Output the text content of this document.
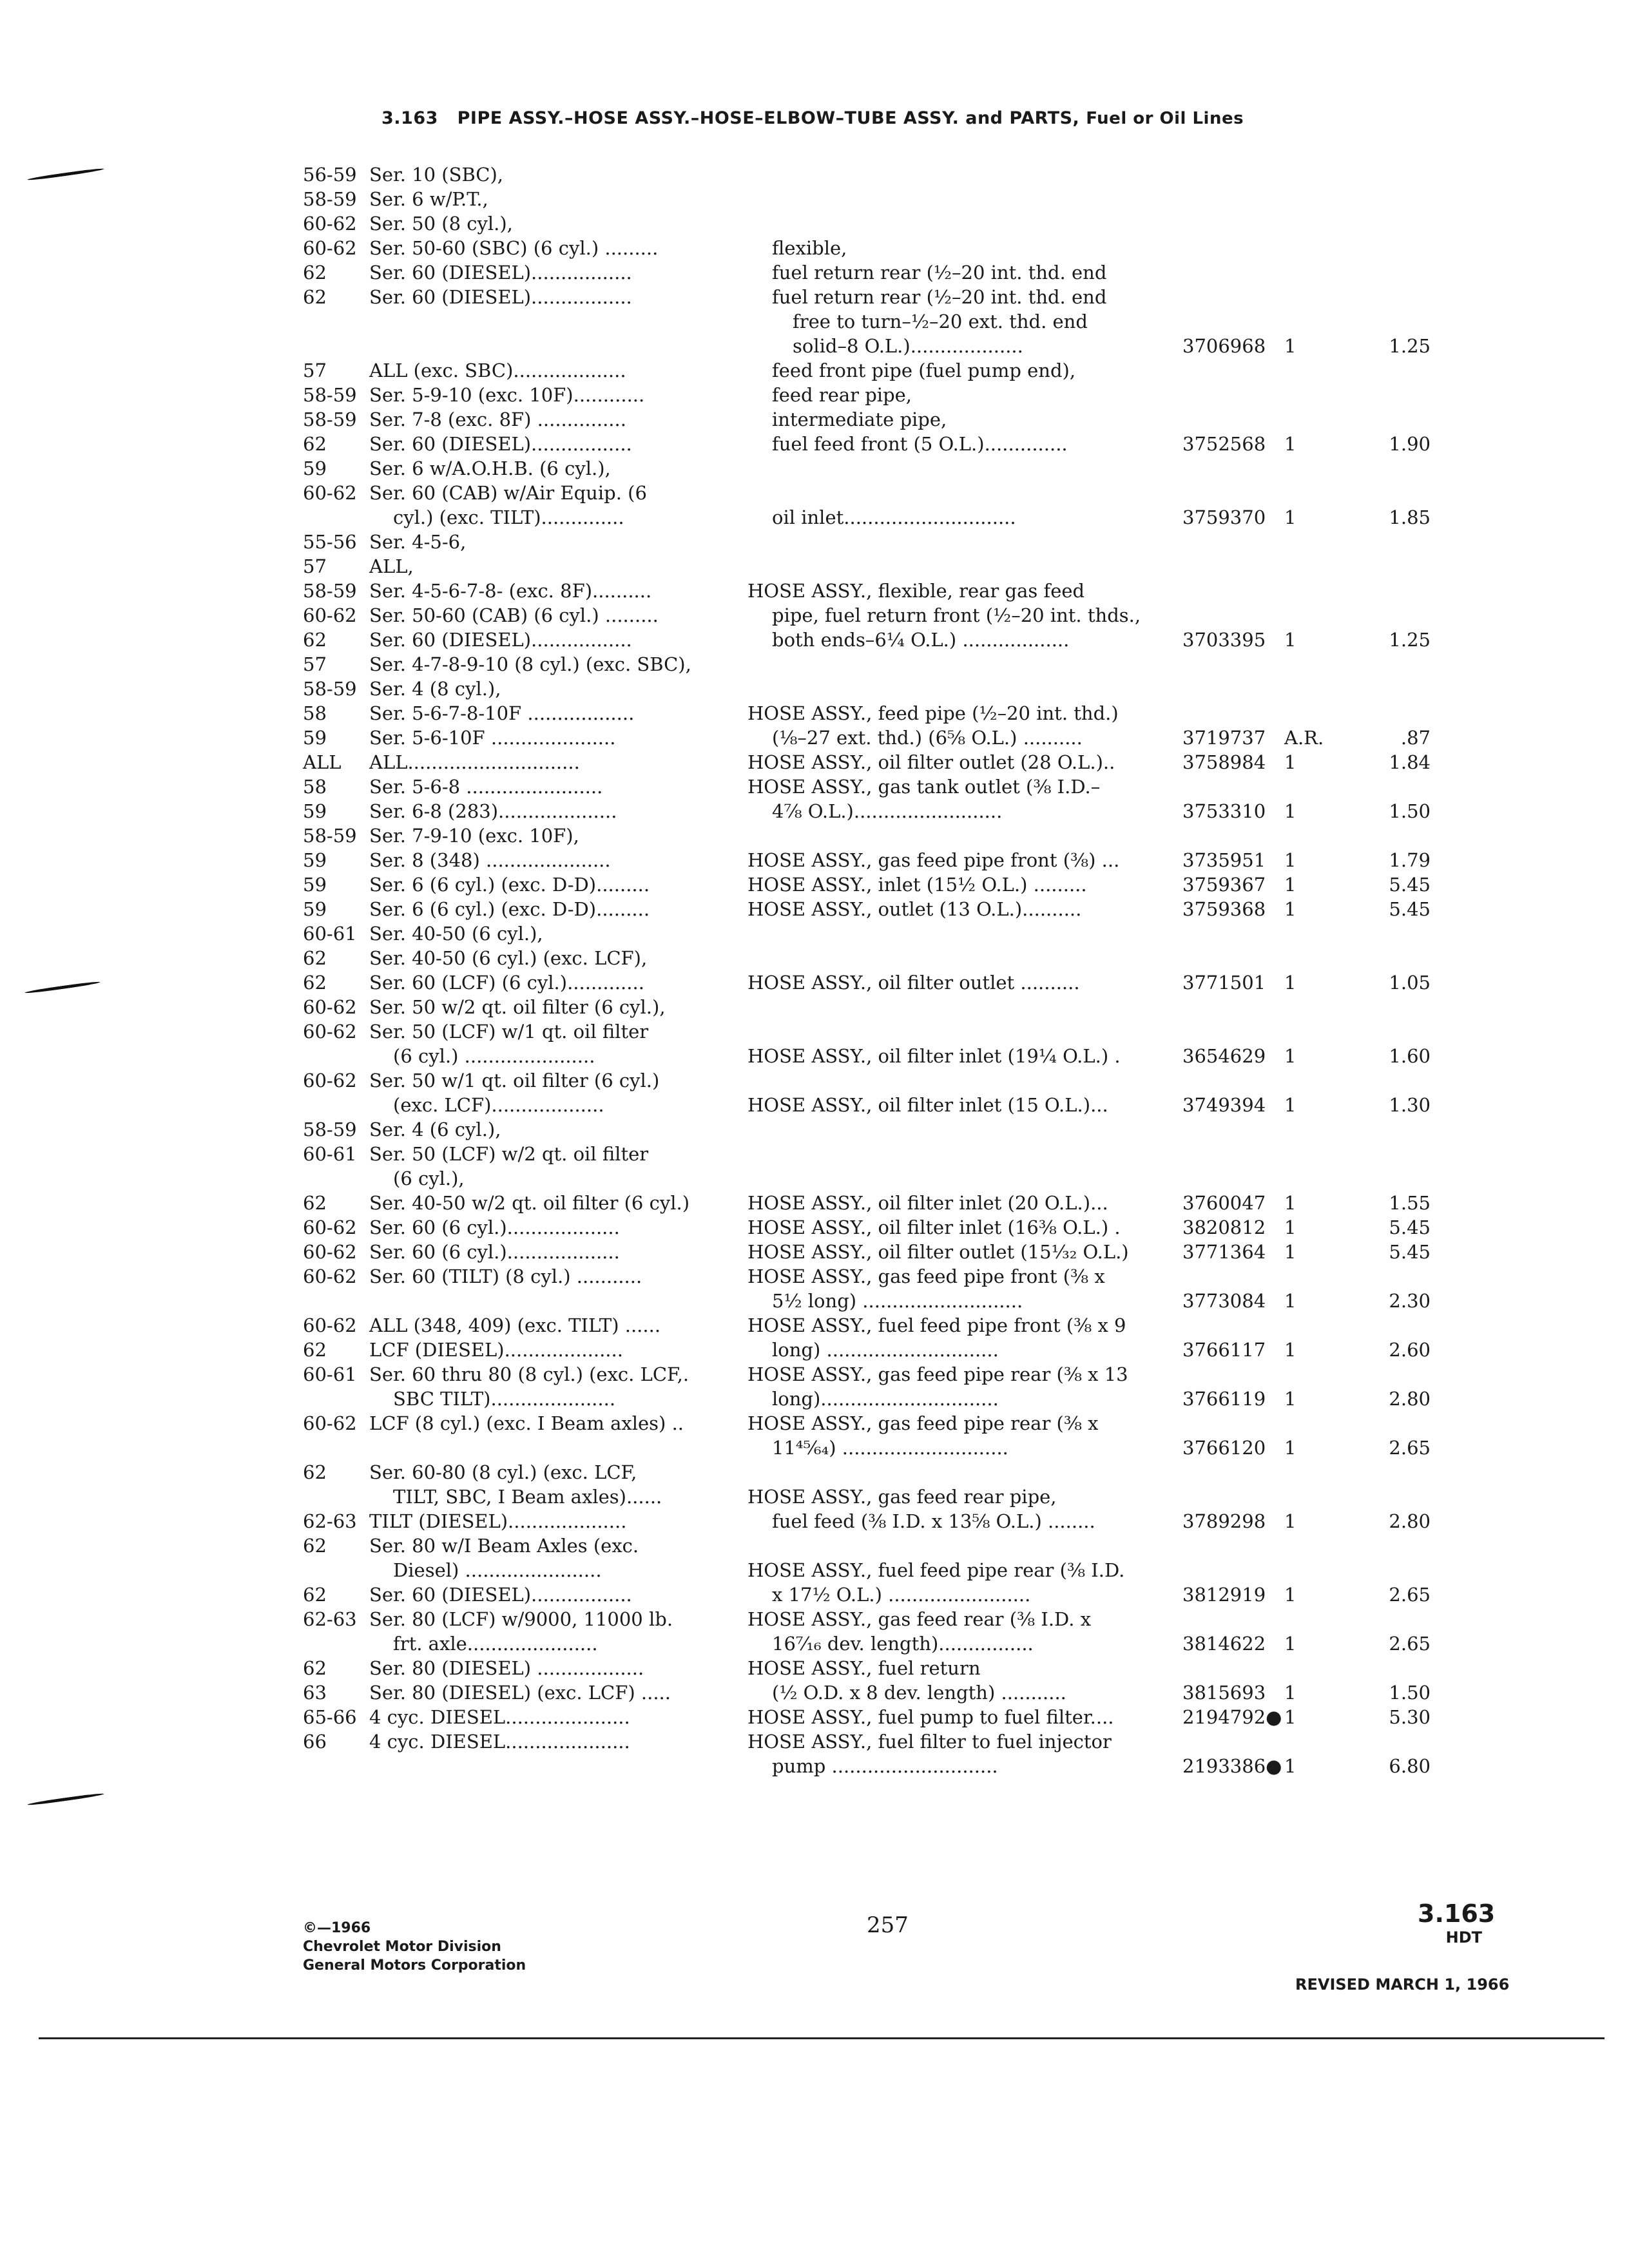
3.163 PIPE ASSY.–HOSE ASSY.–HOSE–ELBOW–TUBE ASSY. and PARTS, Fuel or Oil Lines
56-59 Ser. 10 (SBC),
58-59 Ser. 6 w/P.T.,
60-62 Ser. 50 (8 cyl.),
60-62 Ser. 50-60 (SBC) (6 cyl.) .........	flexible,
62 Ser. 60 (DIESEL).................	fuel return rear (½–20 int. thd. end
62 Ser. 60 (DIESEL).................	fuel return rear (½–20 int. thd. end
free to turn–½–20 ext. thd. end
solid–8 O.L.)...................	3706968 1	1.25
57 ALL (exc. SBC)...................	feed front pipe (fuel pump end),
58-59 Ser. 5-9-10 (exc. 10F)............	feed rear pipe,
58-59 Ser. 7-8 (exc. 8F) ...............	intermediate pipe,
62 Ser. 60 (DIESEL).................	fuel feed front (5 O.L.)..............	3752568 1	1.90
59 Ser. 6 w/A.O.H.B. (6 cyl.),
60-62 Ser. 60 (CAB) w/Air Equip. (6
cyl.) (exc. TILT)..............	oil inlet.............................	3759370 1	1.85
55-56 Ser. 4-5-6,
57 ALL,
58-59 Ser. 4-5-6-7-8- (exc. 8F)..........	HOSE ASSY., flexible, rear gas feed
60-62 Ser. 50-60 (CAB) (6 cyl.) .........	pipe, fuel return front (½–20 int. thds.,
62 Ser. 60 (DIESEL).................	both ends–6¼ O.L.) ..................	3703395 1	1.25
57 Ser. 4-7-8-9-10 (8 cyl.) (exc. SBC),
58-59 Ser. 4 (8 cyl.),
58 Ser. 5-6-7-8-10F ..................	HOSE ASSY., feed pipe (½–20 int. thd.)
59 Ser. 5-6-10F .....................	(⅛–27 ext. thd.) (6⅝ O.L.) ..........	3719737 A.R.	.87
ALL ALL.............................	HOSE ASSY., oil filter outlet (28 O.L.)..	3758984 1	1.84
58 Ser. 5-6-8 .......................	HOSE ASSY., gas tank outlet (⅜ I.D.–
59 Ser. 6-8 (283)....................	4⅞ O.L.).........................	3753310 1	1.50
58-59 Ser. 7-9-10 (exc. 10F),
59 Ser. 8 (348) .....................	HOSE ASSY., gas feed pipe front (⅜) ...	3735951 1	1.79
59 Ser. 6 (6 cyl.) (exc. D-D).........	HOSE ASSY., inlet (15½ O.L.) .........	3759367 1	5.45
59 Ser. 6 (6 cyl.) (exc. D-D).........	HOSE ASSY., outlet (13 O.L.)..........	3759368 1	5.45
60-61 Ser. 40-50 (6 cyl.),
62 Ser. 40-50 (6 cyl.) (exc. LCF),
62 Ser. 60 (LCF) (6 cyl.).............	HOSE ASSY., oil filter outlet ..........	3771501 1	1.05
60-62 Ser. 50 w/2 qt. oil filter (6 cyl.),
60-62 Ser. 50 (LCF) w/1 qt. oil filter
(6 cyl.) ......................	HOSE ASSY., oil filter inlet (19¼ O.L.) .	3654629 1	1.60
60-62 Ser. 50 w/1 qt. oil filter (6 cyl.)
(exc. LCF)...................	HOSE ASSY., oil filter inlet (15 O.L.)...	3749394 1	1.30
58-59 Ser. 4 (6 cyl.),
60-61 Ser. 50 (LCF) w/2 qt. oil filter
(6 cyl.),
62 Ser. 40-50 w/2 qt. oil filter (6 cyl.)	HOSE ASSY., oil filter inlet (20 O.L.)...	3760047 1	1.55
60-62 Ser. 60 (6 cyl.)...................	HOSE ASSY., oil filter inlet (16⅜ O.L.) .	3820812 1	5.45
60-62 Ser. 60 (6 cyl.)...................	HOSE ASSY., oil filter outlet (15¹⁄₃₂ O.L.)	3771364 1	5.45
60-62 Ser. 60 (TILT) (8 cyl.) ...........	HOSE ASSY., gas feed pipe front (⅜ x
5½ long) ...........................	3773084 1	2.30
60-62 ALL (348, 409) (exc. TILT) ......	HOSE ASSY., fuel feed pipe front (⅜ x 9
62 LCF (DIESEL)....................	long) .............................	3766117 1	2.60
60-61 Ser. 60 thru 80 (8 cyl.) (exc. LCF,.	HOSE ASSY., gas feed pipe rear (⅜ x 13
SBC TILT).....................	long)..............................	3766119 1	2.80
60-62 LCF (8 cyl.) (exc. I Beam axles) ..	HOSE ASSY., gas feed pipe rear (⅜ x
11⁴⁵⁄₆₄) ............................	3766120 1	2.65
62 Ser. 60-80 (8 cyl.) (exc. LCF,
TILT, SBC, I Beam axles)......	HOSE ASSY., gas feed rear pipe,
62-63 TILT (DIESEL)....................	fuel feed (⅜ I.D. x 13⅝ O.L.) ........	3789298 1	2.80
62 Ser. 80 w/I Beam Axles (exc.
Diesel) .......................	HOSE ASSY., fuel feed pipe rear (⅜ I.D.
62 Ser. 60 (DIESEL).................	x 17½ O.L.) ........................	3812919 1	2.65
62-63 Ser. 80 (LCF) w/9000, 11000 lb.	HOSE ASSY., gas feed rear (⅜ I.D. x
frt. axle......................	16⁷⁄₁₆ dev. length)................	3814622 1	2.65
62 Ser. 80 (DIESEL) ..................	HOSE ASSY., fuel return
63 Ser. 80 (DIESEL) (exc. LCF) .....	(½ O.D. x 8 dev. length) ...........	3815693 1	1.50
65-66 4 cyc. DIESEL.....................	HOSE ASSY., fuel pump to fuel filter....	2194792● 1	5.30
66 4 cyc. DIESEL.....................	HOSE ASSY., fuel filter to fuel injector
pump ............................	2193386● 1	6.80
©—1966
Chevrolet Motor Division
General Motors Corporation
257	3.163
HDT
REVISED MARCH 1, 1966
